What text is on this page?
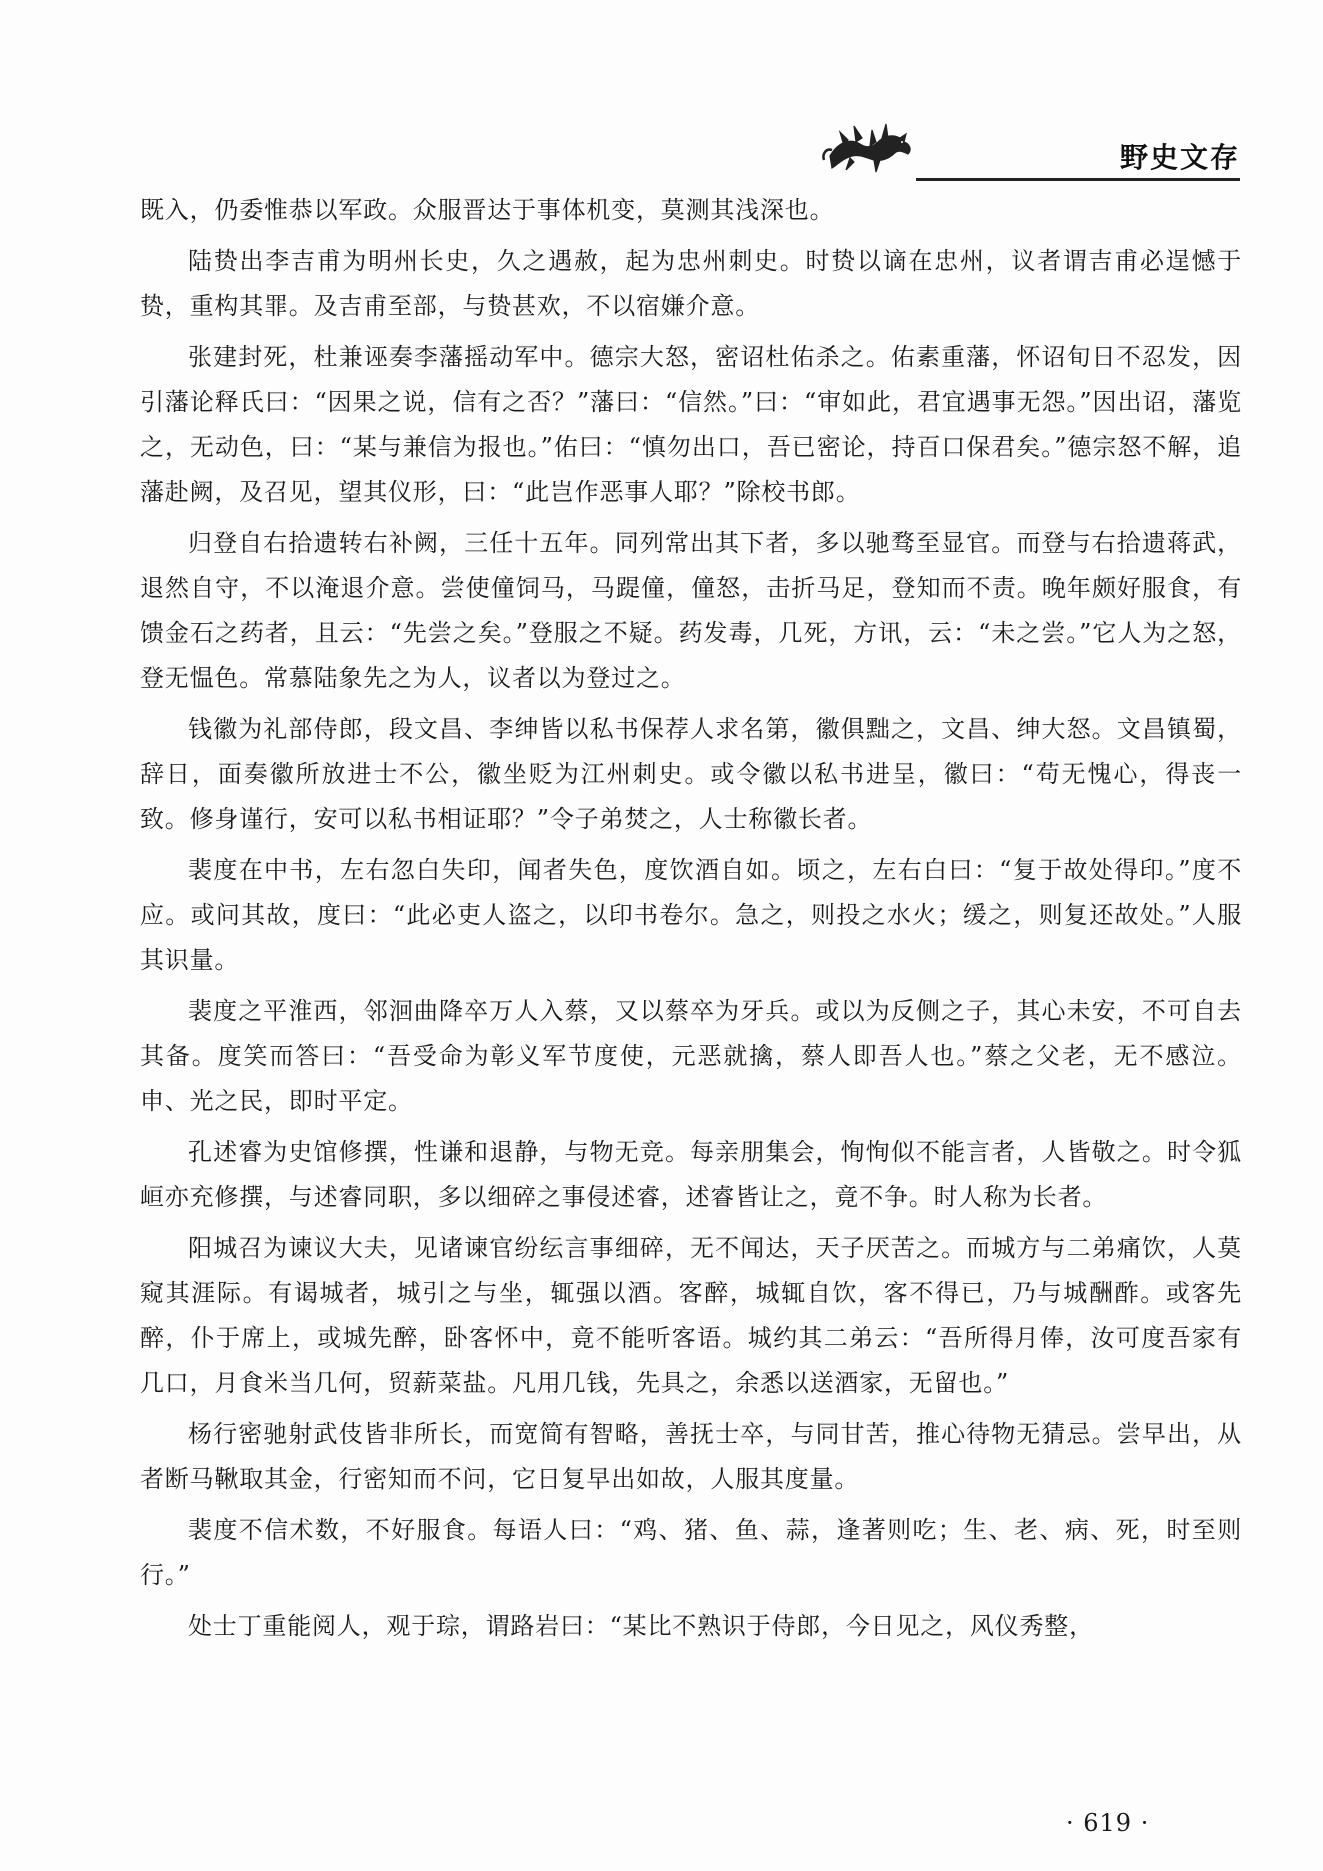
野史文存

既入，仍委惟恭以军政。众服晋达于事体机变，莫测其浅深也。

陆贽出李吉甫为明州长史，久之遇赦，起为忠州刺史。时贽以谪在忠州，议者谓吉甫必逞憾于贽，重构其罪。及吉甫至部，与贽甚欢，不以宿嫌介意。

张建封死，杜兼诬奏李藩摇动军中。德宗大怒，密诏杜佑杀之。佑素重藩，怀诏旬日不忍发，因引藩论释氏曰：“因果之说，信有之否？”藩曰：“信然。”曰：“审如此，君宜遇事无怨。”因出诏，藩览之，无动色，曰：“某与兼信为报也。”佑曰：“慎勿出口，吾已密论，持百口保君矣。”德宗怒不解，追藩赴阙，及召见，望其仪形，曰：“此岂作恶事人耶？”除校书郎。

归登自右拾遗转右补阙，三任十五年。同列常出其下者，多以驰骛至显官。而登与右拾遗蒋武，退然自守，不以淹退介意。尝使僮饲马，马踶僮，僮怒，击折马足，登知而不责。晚年颇好服食，有馈金石之药者，且云：“先尝之矣。”登服之不疑。药发毒，几死，方讯，云：“未之尝。”它人为之怒，登无愠色。常慕陆象先之为人，议者以为登过之。

钱徽为礼部侍郎，段文昌、李绅皆以私书保荐人求名第，徽俱黜之，文昌、绅大怒。文昌镇蜀，辞日，面奏徽所放进士不公，徽坐贬为江州刺史。或令徽以私书进呈，徽曰：“苟无愧心，得丧一致。修身谨行，安可以私书相证耶？”令子弟焚之，人士称徽长者。

裴度在中书，左右忽白失印，闻者失色，度饮酒自如。顷之，左右白曰：“复于故处得印。”度不应。或问其故，度曰：“此必吏人盗之，以印书卷尔。急之，则投之水火；缓之，则复还故处。”人服其识量。

裴度之平淮西，邻洄曲降卒万人入蔡，又以蔡卒为牙兵。或以为反侧之子，其心未安，不可自去其备。度笑而答曰：“吾受命为彰义军节度使，元恶就擒，蔡人即吾人也。”蔡之父老，无不感泣。申、光之民，即时平定。

孔述睿为史馆修撰，性谦和退静，与物无竞。每亲朋集会，恂恂似不能言者，人皆敬之。时令狐峘亦充修撰，与述睿同职，多以细碎之事侵述睿，述睿皆让之，竟不争。时人称为长者。

阳城召为谏议大夫，见诸谏官纷纭言事细碎，无不闻达，天子厌苦之。而城方与二弟痛饮，人莫窥其涯际。有谒城者，城引之与坐，辄强以酒。客醉，城辄自饮，客不得已，乃与城酬酢。或客先醉，仆于席上，或城先醉，卧客怀中，竟不能听客语。城约其二弟云：“吾所得月俸，汝可度吾家有几口，月食米当几何，贸薪菜盐。凡用几钱，先具之，余悉以送酒家，无留也。”

杨行密驰射武伎皆非所长，而宽简有智略，善抚士卒，与同甘苦，推心待物无猜忌。尝早出，从者断马鞦取其金，行密知而不问，它日复早出如故，人服其度量。

裴度不信术数，不好服食。每语人曰：“鸡、猪、鱼、蒜，逢著则吃；生、老、病、死，时至则行。”

处士丁重能阅人，观于琮，谓路岩曰：“某比不熟识于侍郎，今日见之，风仪秀整，

· 619 ·
